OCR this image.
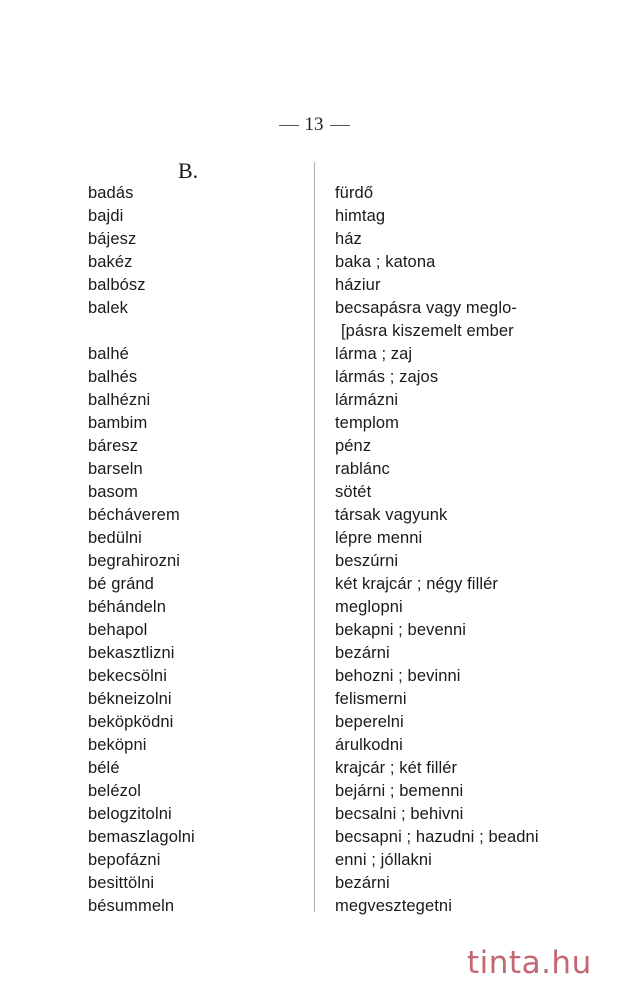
13
B.
badás
bajdi
bájesz
bakéz
balbósz
balek
balhé
balhés
balhézni
bambim
báresz
barseln
basom
bécháverem
bedülni
begrahirozni
bé gránd
béhándeln
behapol
bekasztlizni
bekecsölni
békneizolni
beköpködni
beköpni
bélé
belézol
belogzitolni
bemaszlagolni
bepofázni
besittölni
bésummeln
fürdő
himtag
ház
baka ; katona
háziur
becsapásra vagy meglo-
[pásra kiszemelt ember
lárma ; zaj
lármás ; zajos
lármázni
templom
pénz
rablánc
sötét
társak vagyunk
lépre menni
beszúrni
két krajcár ; négy fillér
meglopni
bekapni ; bevenni
bezárni
behozni ; bevinni
felismerni
beperelni
árulkodni
krajcár ; két fillér
bejárni ; bemenni
becsalni ; behivni
becsapni ; hazudni ; beadni
enni ; jóllakni
bezárni
megvesztegetni
tinta.hu
